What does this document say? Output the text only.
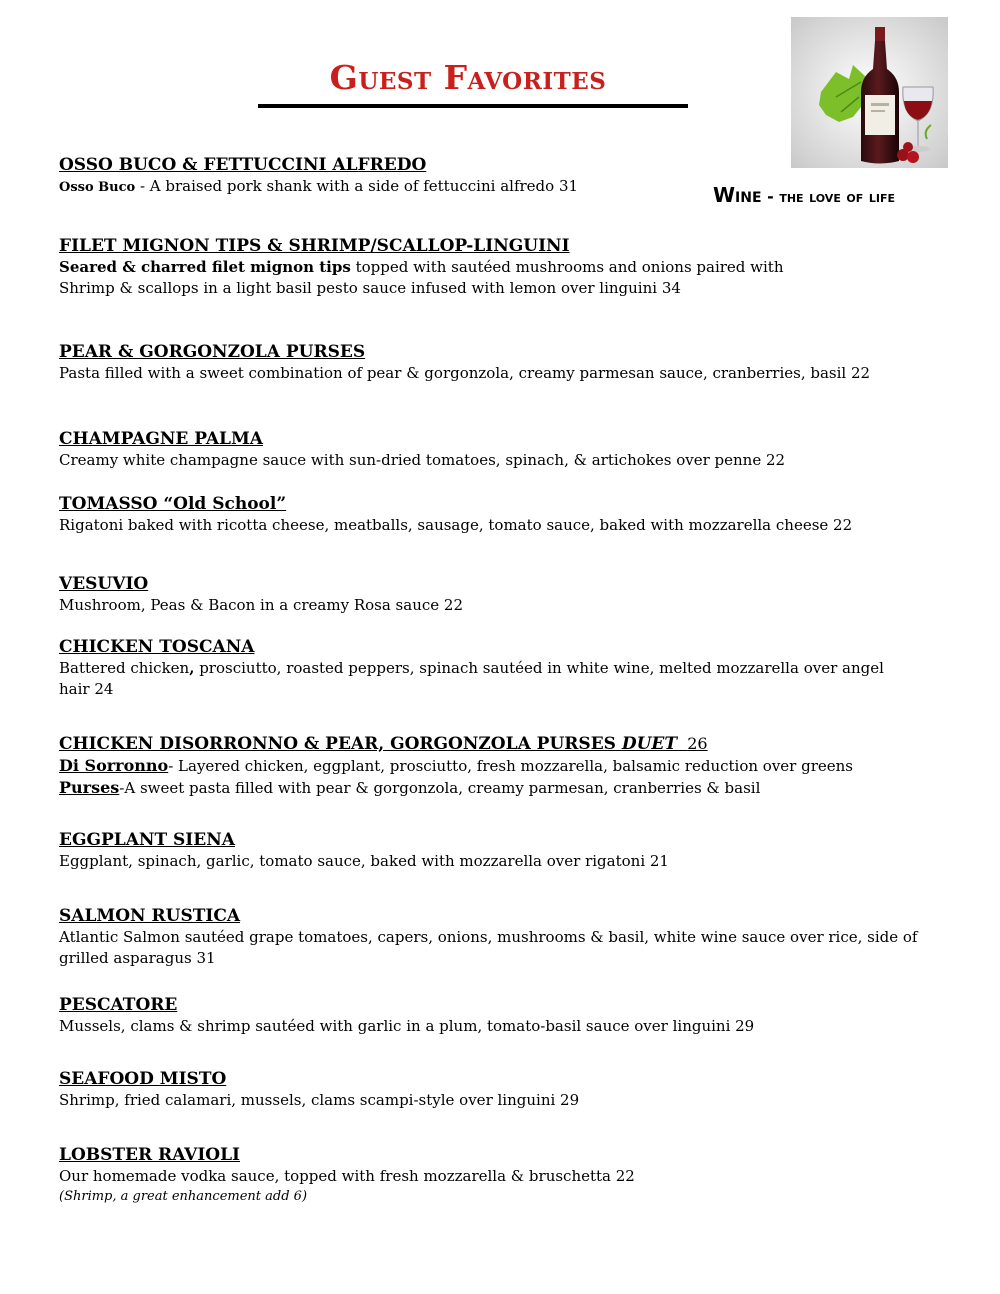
Guest Favorites
Wine - the love of life
OSSO BUCO & FETTUCCINI ALFREDO
Osso Buco - A braised pork shank with a side of fettuccini alfredo 31
FILET MIGNON TIPS & SHRIMP/SCALLOP-LINGUINI
Seared & charred filet mignon tips topped with sautéed mushrooms and onions paired with
Shrimp & scallops in a light basil pesto sauce infused with lemon over linguini 34
PEAR & GORGONZOLA PURSES
Pasta filled with a sweet combination of pear & gorgonzola, creamy parmesan sauce, cranberries, basil 22
CHAMPAGNE PALMA
Creamy white champagne sauce with sun-dried tomatoes, spinach, & artichokes over penne 22
TOMASSO “Old School”
Rigatoni baked with ricotta cheese, meatballs, sausage, tomato sauce, baked with mozzarella cheese 22
VESUVIO
Mushroom, Peas & Bacon in a creamy Rosa sauce 22
CHICKEN TOSCANA
Battered chicken, prosciutto, roasted peppers, spinach sautéed in white wine, melted mozzarella over angel hair 24
CHICKEN DISORRONNO & PEAR, GORGONZOLA PURSES DUET 26
Di Sorronno- Layered chicken, eggplant, prosciutto, fresh mozzarella, balsamic reduction over greens
Purses-A sweet pasta filled with pear & gorgonzola, creamy parmesan, cranberries & basil
EGGPLANT SIENA
Eggplant, spinach, garlic, tomato sauce, baked with mozzarella over rigatoni 21
SALMON RUSTICA
Atlantic Salmon sautéed grape tomatoes, capers, onions, mushrooms & basil, white wine sauce over rice, side of grilled asparagus 31
PESCATORE
Mussels, clams & shrimp sautéed with garlic in a plum, tomato-basil sauce over linguini 29
SEAFOOD MISTO
Shrimp, fried calamari, mussels, clams scampi-style over linguini 29
LOBSTER RAVIOLI
Our homemade vodka sauce, topped with fresh mozzarella & bruschetta 22
(Shrimp, a great enhancement add 6)
